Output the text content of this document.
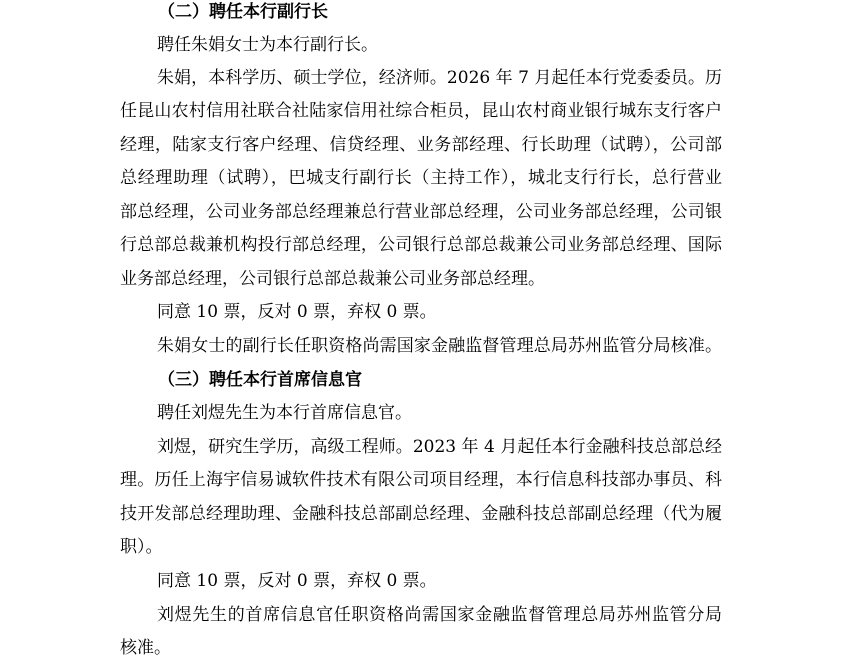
（二）聘任本行副行长
聘任朱娟女士为本行副行长。
朱娟，本科学历、硕士学位，经济师。2026 年 7 月起任本行党委委员。历
任昆山农村信用社联合社陆家信用社综合柜员，昆山农村商业银行城东支行客户
经理，陆家支行客户经理、信贷经理、业务部经理、行长助理（试聘），公司部
总经理助理（试聘），巴城支行副行长（主持工作），城北支行行长，总行营业
部总经理，公司业务部总经理兼总行营业部总经理，公司业务部总经理，公司银
行总部总裁兼机构投行部总经理，公司银行总部总裁兼公司业务部总经理、国际
业务部总经理，公司银行总部总裁兼公司业务部总经理。
同意 10 票，反对 0 票，弃权 0 票。
朱娟女士的副行长任职资格尚需国家金融监督管理总局苏州监管分局核准。
（三）聘任本行首席信息官
聘任刘煜先生为本行首席信息官。
刘煜，研究生学历，高级工程师。2023 年 4 月起任本行金融科技总部总经
理。历任上海宇信易诚软件技术有限公司项目经理，本行信息科技部办事员、科
技开发部总经理助理、金融科技总部副总经理、金融科技总部副总经理（代为履
职）。
同意 10 票，反对 0 票，弃权 0 票。
刘煜先生的首席信息官任职资格尚需国家金融监督管理总局苏州监管分局
核准。
